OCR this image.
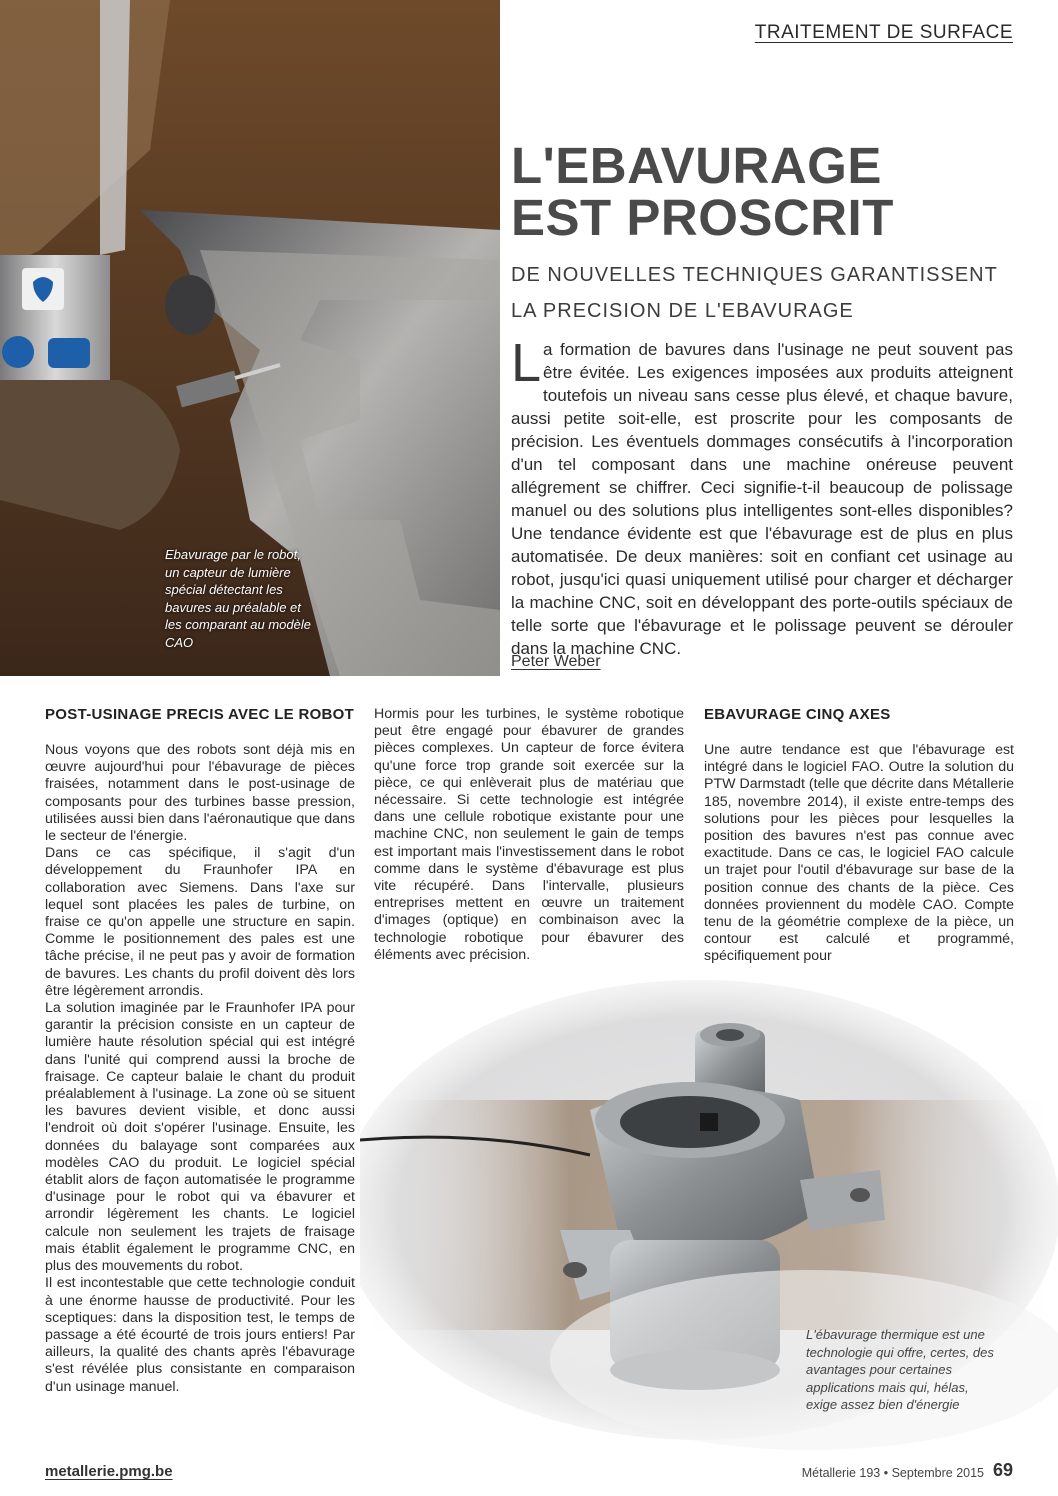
TRAITEMENT DE SURFACE
Ebavurage par le robot, un capteur de lumière spécial détectant les bavures au préalable et les comparant au modèle CAO
L'EBAVURAGE
EST PROSCRIT
DE NOUVELLES TECHNIQUES GARANTISSENT
LA PRECISION DE L'EBAVURAGE
L a formation de bavures dans l'usinage ne peut souvent pas être évitée. Les exigences imposées aux produits atteignent toutefois un niveau sans cesse plus élevé, et chaque bavure, aussi petite soit-elle, est proscrite pour les composants de précision. Les éventuels dommages consécutifs à l'incorporation d'un tel composant dans une machine onéreuse peuvent allégrement se chiffrer. Ceci signifie-t-il beaucoup de polissage manuel ou des solutions plus intelligentes sont-elles disponibles? Une tendance évidente est que l'ébavurage est de plus en plus automatisée. De deux manières: soit en confiant cet usinage au robot, jusqu'ici quasi uniquement utilisé pour charger et décharger la machine CNC, soit en développant des porte-outils spéciaux de telle sorte que l'ébavurage et le polissage peuvent se dérouler dans la machine CNC.
Peter Weber
POST-USINAGE PRECIS AVEC LE ROBOT

Nous voyons que des robots sont déjà mis en œuvre aujourd'hui pour l'ébavurage de pièces fraisées, notamment dans le post-usinage de composants pour des turbines basse pression, utilisées aussi bien dans l'aéronautique que dans le secteur de l'énergie.

Dans ce cas spécifique, il s'agit d'un développement du Fraunhofer IPA en collaboration avec Siemens. Dans l'axe sur lequel sont placées les pales de turbine, on fraise ce qu'on appelle une structure en sapin. Comme le positionnement des pales est une tâche précise, il ne peut pas y avoir de formation de bavures. Les chants du profil doivent dès lors être légèrement arrondis.

La solution imaginée par le Fraunhofer IPA pour garantir la précision consiste en un capteur de lumière haute résolution spécial qui est intégré dans l'unité qui comprend aussi la broche de fraisage. Ce capteur balaie le chant du produit préalablement à l'usinage. La zone où se situent les bavures devient visible, et donc aussi l'endroit où doit s'opérer l'usinage. Ensuite, les données du balayage sont comparées aux modèles CAO du produit. Le logiciel spécial établit alors de façon automatisée le programme d'usinage pour le robot qui va ébavurer et arrondir légèrement les chants. Le logiciel calcule non seulement les trajets de fraisage mais établit également le programme CNC, en plus des mouvements du robot.

Il est incontestable que cette technologie conduit à une énorme hausse de productivité. Pour les sceptiques: dans la disposition test, le temps de passage a été écourté de trois jours entiers! Par ailleurs, la qualité des chants après l'ébavurage s'est révélée plus consistante en comparaison d'un usinage manuel.

Hormis pour les turbines, le système robotique peut être engagé pour ébavurer de grandes pièces complexes. Un capteur de force évitera qu'une force trop grande soit exercée sur la pièce, ce qui enlèverait plus de matériau que nécessaire. Si cette technologie est intégrée dans une cellule robotique existante pour une machine CNC, non seulement le gain de temps est important mais l'investissement dans le robot comme dans le système d'ébavurage est plus vite récupéré. Dans l'intervalle, plusieurs entreprises mettent en œuvre un traitement d'images (optique) en combinaison avec la technologie robotique pour ébavurer des éléments avec précision.

EBAVURAGE CINQ AXES

Une autre tendance est que l'ébavurage est intégré dans le logiciel FAO. Outre la solution du PTW Darmstadt (telle que décrite dans Métallerie 185, novembre 2014), il existe entre-temps des solutions pour les pièces pour lesquelles la position des bavures n'est pas connue avec exactitude. Dans ce cas, le logiciel FAO calcule un trajet pour l'outil d'ébavurage sur base de la position connue des chants de la pièce. Ces données proviennent du modèle CAO. Compte tenu de la géométrie complexe de la pièce, un contour est calculé et programmé, spécifiquement pour

L'ébavurage thermique est une technologie qui offre, certes, des avantages pour certaines applications mais qui, hélas, exige assez bien d'énergie
metallerie.pmg.be	Métallerie 193 • Septembre 2015 69
